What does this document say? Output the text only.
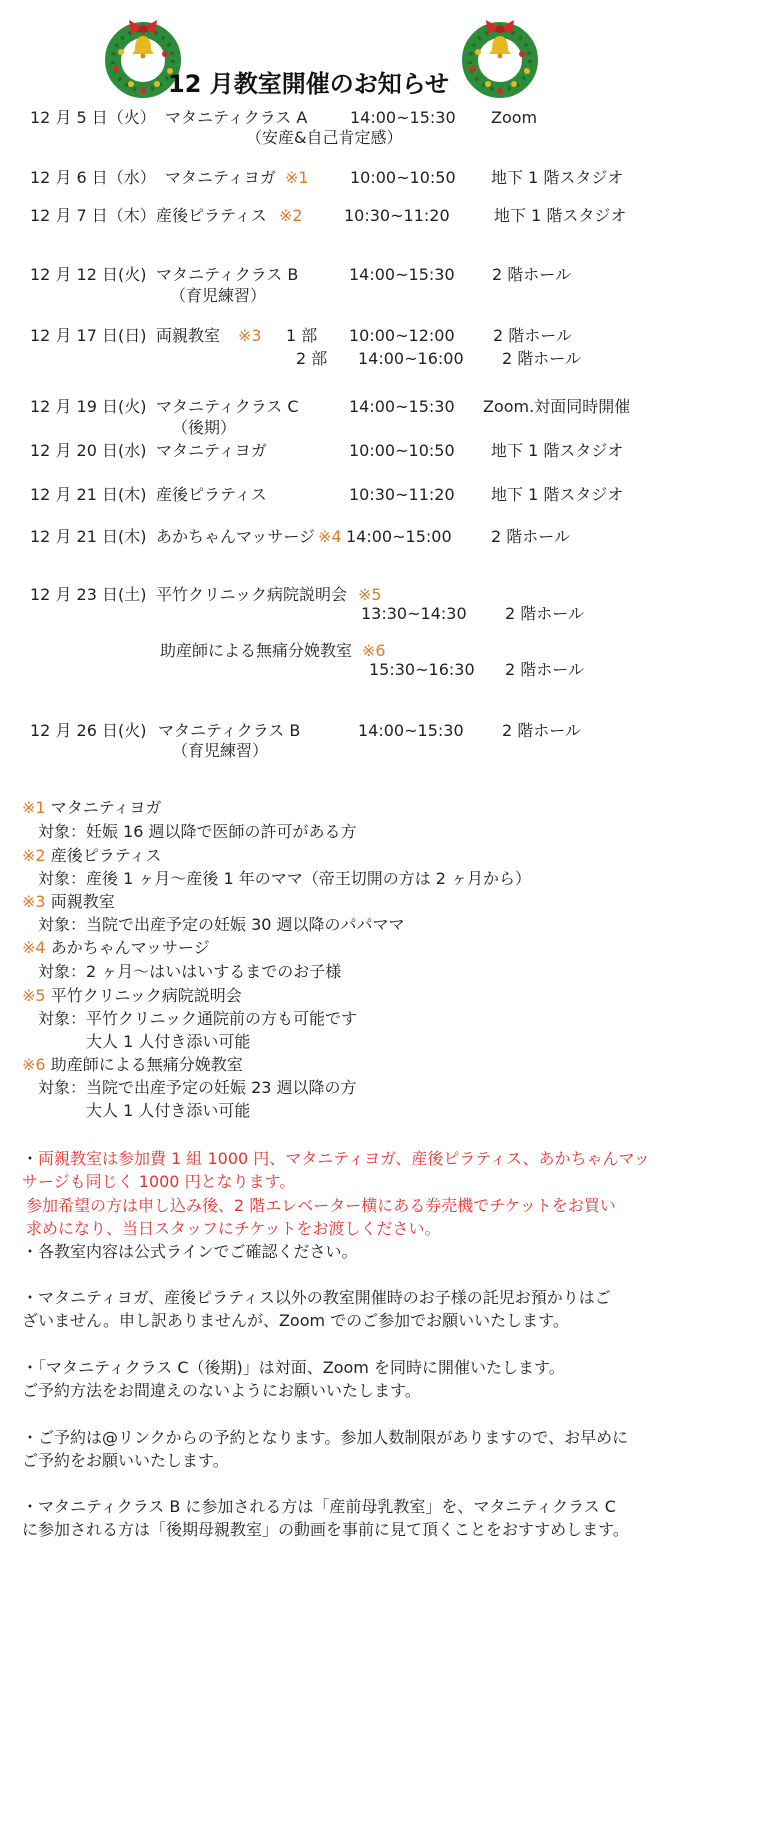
12 月教室開催のお知らせ
12 月 5 日（火） マタニティクラス A	14:00~15:30 Zoom
（安産&自己肯定感）
12 月 6 日（水） マタニティヨガ ※1	10:00~10:50 地下 1 階スタジオ
12 月 7 日（木） 産後ピラティス ※2	10:30~11:20	地下 1 階スタジオ
12 月 12 日(火) マタニティクラス B	14:00~15:30 2 階ホール
（育児練習）
12 月 17 日(日) 両親教室 ※3 1 部 10:00~12:00 2 階ホール
2 部 14:00~16:00 2 階ホール
12 月 19 日(火) マタニティクラス C	14:00~15:30 Zoom.対面同時開催
（後期）
12 月 20 日(水) マタニティヨガ	10:00~10:50 地下 1 階スタジオ
12 月 21 日(木) 産後ピラティス	10:30~11:20 地下 1 階スタジオ
12 月 21 日(木) あかちゃんマッサージ ※4 14:00~15:00 2 階ホール
12 月 23 日(土) 平竹クリニック病院説明会 ※5
13:30~14:30 2 階ホール
助産師による無痛分娩教室 ※6
15:30~16:30 2 階ホール
12 月 26 日(火) マタニティクラス B	14:00~15:30 2 階ホール
（育児練習）
※1 マタニティヨガ
対象：妊娠 16 週以降で医師の許可がある方
※2 産後ピラティス
対象：産後 1 ヶ月〜産後 1 年のママ（帝王切開の方は 2 ヶ月から）
※3 両親教室
対象：当院で出産予定の妊娠 30 週以降のパパママ
※4 あかちゃんマッサージ
対象：2 ヶ月〜はいはいするまでのお子様
※5 平竹クリニック病院説明会
対象：平竹クリニック通院前の方も可能です
大人 1 人付き添い可能
※6 助産師による無痛分娩教室
対象：当院で出産予定の妊娠 23 週以降の方
大人 1 人付き添い可能
・両親教室は参加費 1 組 1000 円、マタニティヨガ、産後ピラティス、あかちゃんマッ
サージも同じく 1000 円となります。
参加希望の方は申し込み後、2 階エレベーター横にある券売機でチケットをお買い
求めになり、当日スタッフにチケットをお渡しください。
・各教室内容は公式ラインでご確認ください。
・マタニティヨガ、産後ピラティス以外の教室開催時のお子様の託児お預かりはご
ざいません。申し訳ありませんが、Zoom でのご参加でお願いいたします。
・「マタニティクラス C（後期)」は対面、Zoom を同時に開催いたします。
ご予約方法をお間違えのないようにお願いいたします。
・ご予約は@リンクからの予約となります。参加人数制限がありますので、お早めに
ご予約をお願いいたします。
・マタニティクラス B に参加される方は「産前母乳教室」を、マタニティクラス C
に参加される方は「後期母親教室」の動画を事前に見て頂くことをおすすめします。
